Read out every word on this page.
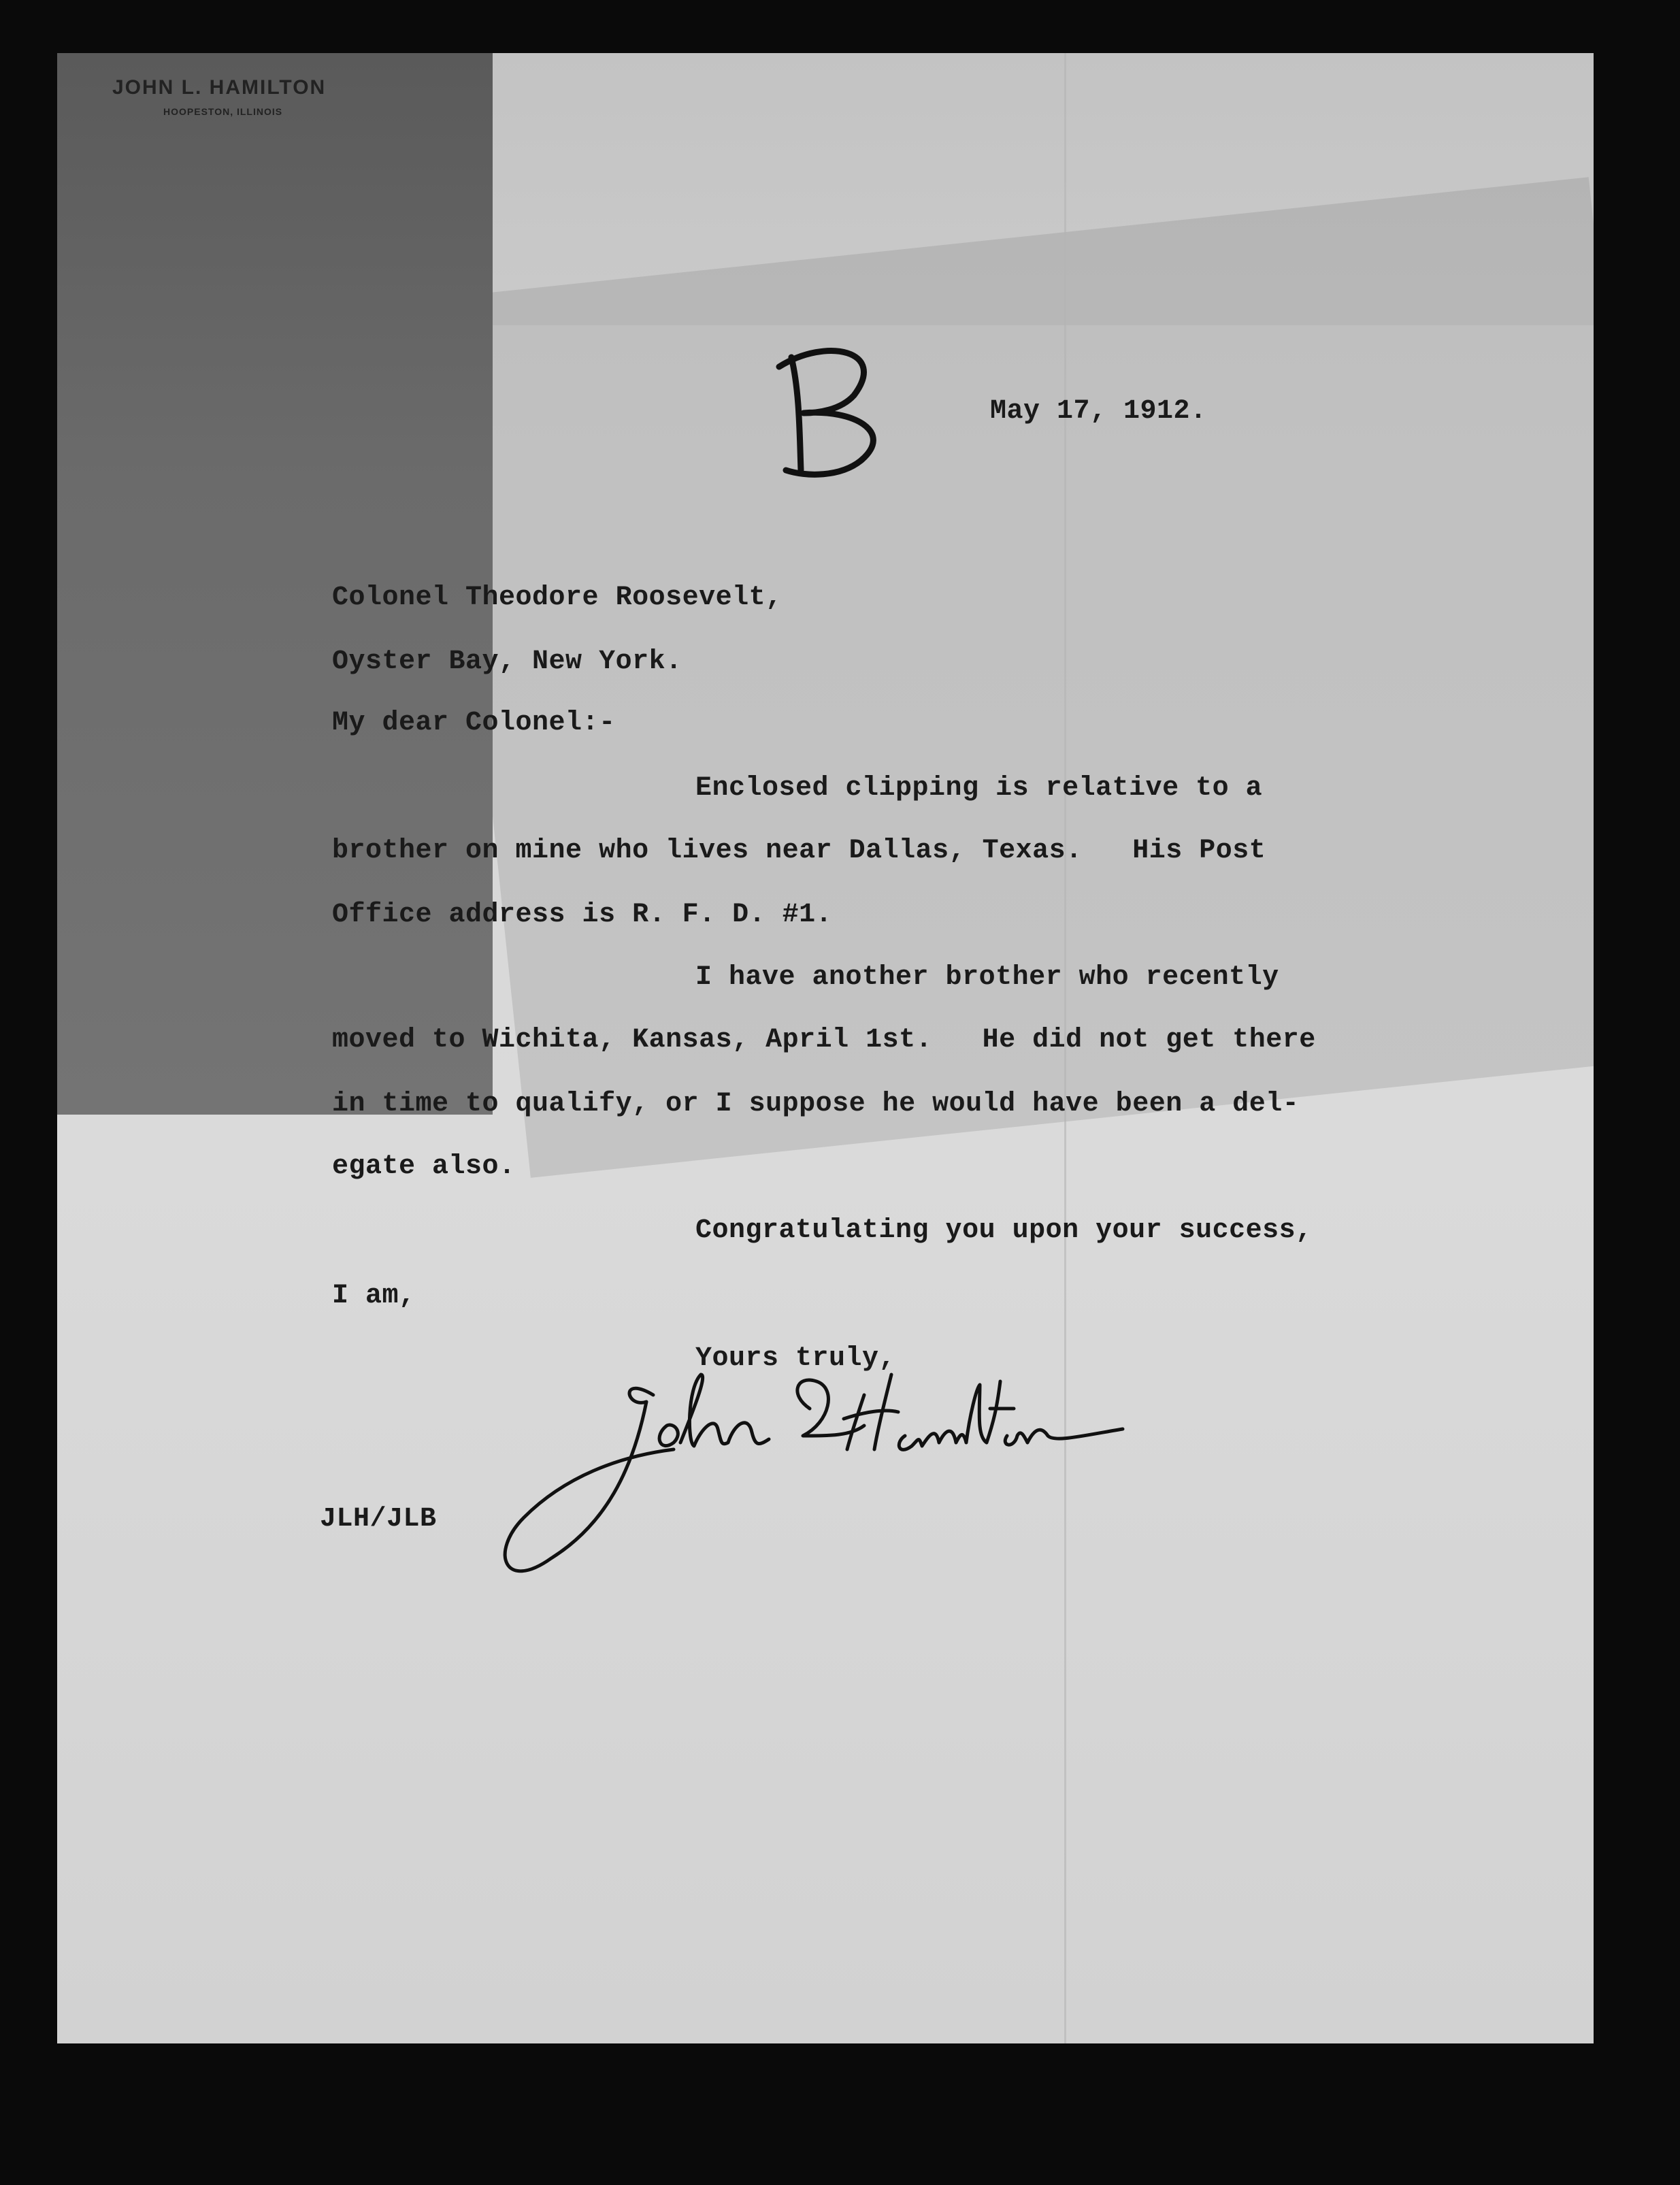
JOHN L. HAMILTON
HOOPESTON, ILLINOIS
May 17, 1912.
Colonel Theodore Roosevelt,
Oyster Bay, New York.
My dear Colonel:-
Enclosed clipping is relative to a
brother on mine who lives near Dallas, Texas.   His Post
Office address is R. F. D. #1.
I have another brother who recently
moved to Wichita, Kansas, April 1st.   He did not get there
in time to qualify, or I suppose he would have been a del-
egate also.
Congratulating you upon your success,
I am,
Yours truly,
JLH/JLB
